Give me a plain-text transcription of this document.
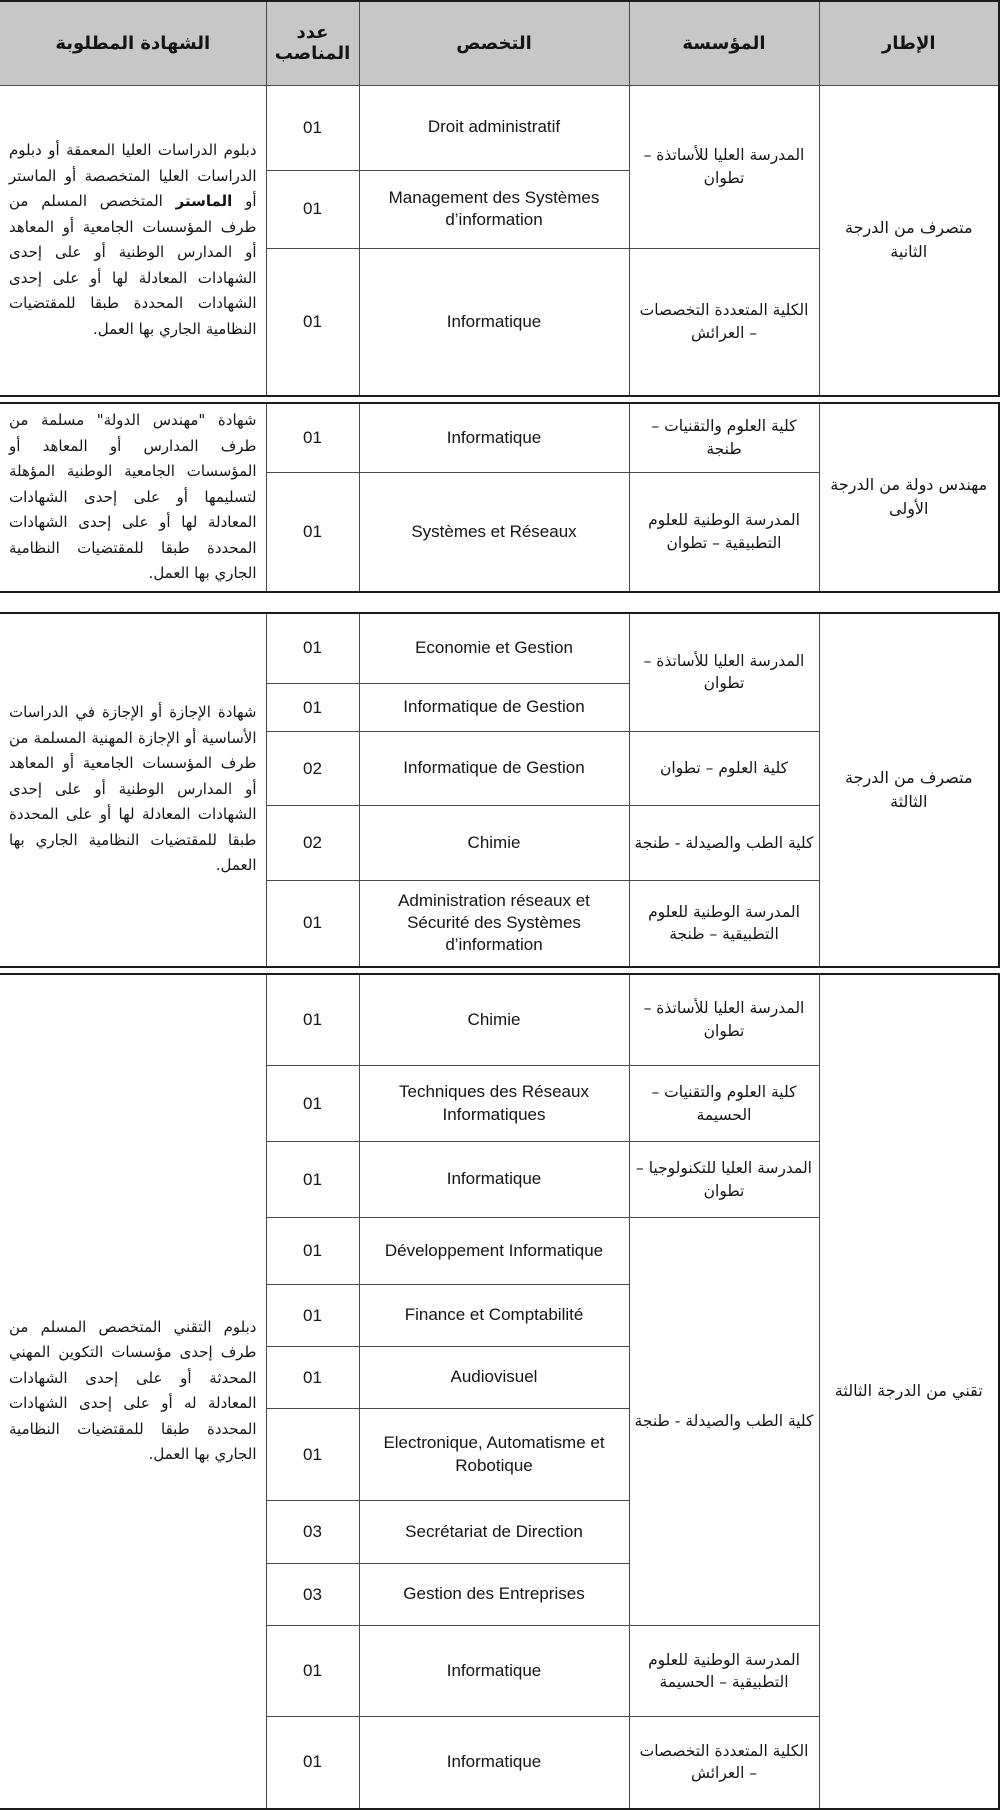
الإطار	المؤسسة	التخصص	عدد المناصب	الشهادة المطلوبة
متصرف من الدرجة الثانية	المدرسة العليا للأساتذة – تطوان	Droit administratif	01	دبلوم الدراسات العليا المعمقة أو دبلوم الدراسات العليا المتخصصة أو الماستر أو الماستر المتخصص المسلم من طرف المؤسسات الجامعية أو المعاهد أو المدارس الوطنية أو على إحدى الشهادات المعادلة لها أو على إحدى الشهادات المحددة طبقا للمقتضيات النظامية الجاري بها العمل.
		Management des Systèmes d’information	01	
	الكلية المتعددة التخصصات – العرائش	Informatique	01	
مهندس دولة من الدرجة الأولى	كلية العلوم والتقنيات – طنجة	Informatique	01	شهادة "مهندس الدولة" مسلمة من طرف المدارس أو المعاهد أو المؤسسات الجامعية الوطنية المؤهلة لتسليمها أو على إحدى الشهادات المعادلة لها أو على إحدى الشهادات المحددة طبقا للمقتضيات النظامية الجاري بها العمل.
	المدرسة الوطنية للعلوم التطبيقية – تطوان	Systèmes et Réseaux	01	
متصرف من الدرجة الثالثة	المدرسة العليا للأساتذة – تطوان	Economie et Gestion	01	شهادة الإجازة أو الإجازة في الدراسات الأساسية أو الإجازة المهنية المسلمة من طرف المؤسسات الجامعية أو المعاهد أو المدارس الوطنية أو على إحدى الشهادات المعادلة لها أو على المحددة طبقا للمقتضيات النظامية الجاري بها العمل.
		Informatique de Gestion	01	
	كلية العلوم – تطوان	Informatique de Gestion	02	
	كلية الطب والصيدلة - طنجة	Chimie	02	
	المدرسة الوطنية للعلوم التطبيقية – طنجة	Administration réseaux et Sécurité des Systèmes d’information	01	
تقني من الدرجة الثالثة	المدرسة العليا للأساتذة – تطوان	Chimie	01	دبلوم التقني المتخصص المسلم من طرف إحدى مؤسسات التكوين المهني المحدثة أو على إحدى الشهادات المعادلة له أو على إحدى الشهادات المحددة طبقا للمقتضيات النظامية الجاري بها العمل.
	كلية العلوم والتقنيات – الحسيمة	Techniques des Réseaux Informatiques	01	
	المدرسة العليا للتكنولوجيا – تطوان	Informatique	01	
	كلية الطب والصيدلة - طنجة	Développement Informatique	01	
		Finance et Comptabilité	01	
		Audiovisuel	01	
		Electronique, Automatisme et Robotique	01	
		Secrétariat de Direction	03	
		Gestion des Entreprises	03	
	المدرسة الوطنية للعلوم التطبيقية – الحسيمة	Informatique	01	
	الكلية المتعددة التخصصات – العرائش	Informatique	01	
